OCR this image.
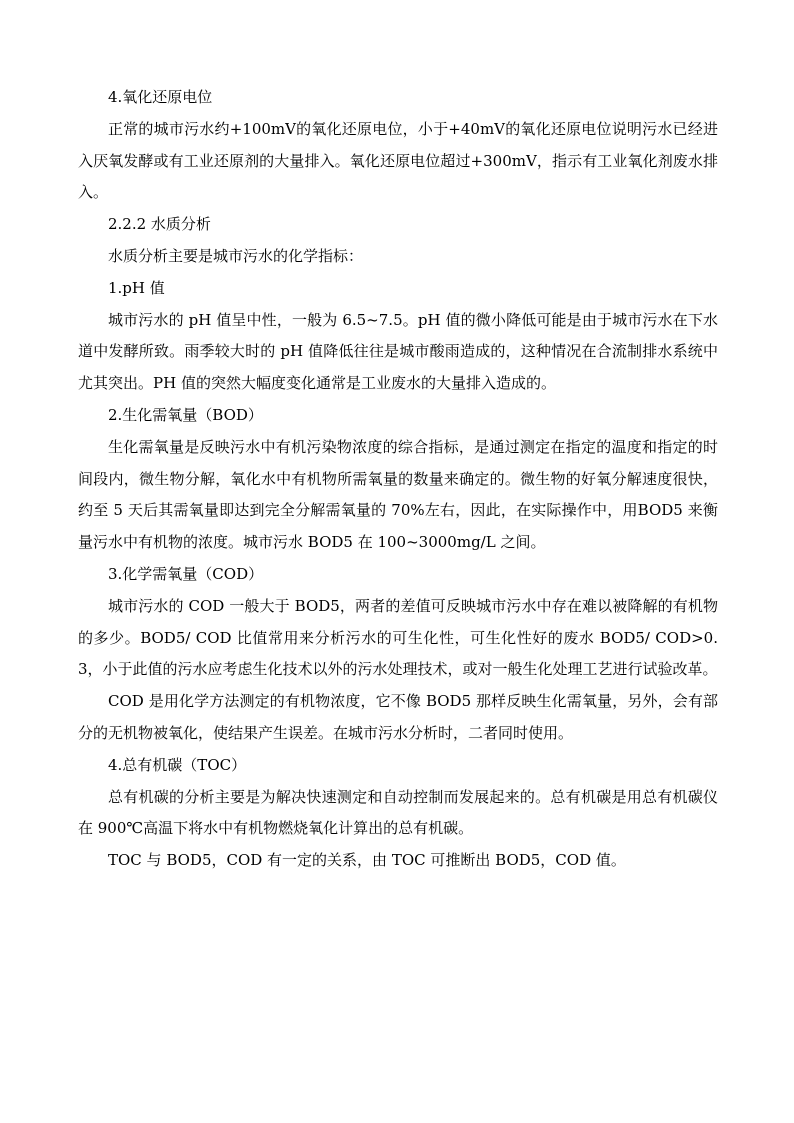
4.氧化还原电位

正常的城市污水约+100mV的氧化还原电位，小于+40mV的氧化还原电位说明污水已经进入厌氧发酵或有工业还原剂的大量排入。氧化还原电位超过+300mV，指示有工业氧化剂废水排入。

2.2.2 水质分析

水质分析主要是城市污水的化学指标：

1.pH 值

城市污水的 pH 值呈中性，一般为 6.5~7.5。pH 值的微小降低可能是由于城市污水在下水道中发酵所致。雨季较大时的 pH 值降低往往是城市酸雨造成的，这种情况在合流制排水系统中尤其突出。PH 值的突然大幅度变化通常是工业废水的大量排入造成的。

2.生化需氧量（BOD）

生化需氧量是反映污水中有机污染物浓度的综合指标，是通过测定在指定的温度和指定的时间段内，微生物分解，氧化水中有机物所需氧量的数量来确定的。微生物的好氧分解速度很快，约至 5 天后其需氧量即达到完全分解需氧量的 70%左右，因此，在实际操作中，用BOD5 来衡量污水中有机物的浓度。城市污水 BOD5 在 100~3000mg/L 之间。

3.化学需氧量（COD）

城市污水的 COD 一般大于 BOD5，两者的差值可反映城市污水中存在难以被降解的有机物的多少。BOD5/ COD 比值常用来分析污水的可生化性，可生化性好的废水 BOD5/ COD>0.3，小于此值的污水应考虑生化技术以外的污水处理技术，或对一般生化处理工艺进行试验改革。

COD 是用化学方法测定的有机物浓度，它不像 BOD5 那样反映生化需氧量，另外，会有部分的无机物被氧化，使结果产生误差。在城市污水分析时，二者同时使用。

4.总有机碳（TOC）

总有机碳的分析主要是为解决快速测定和自动控制而发展起来的。总有机碳是用总有机碳仪在 900℃高温下将水中有机物燃烧氧化计算出的总有机碳。

TOC 与 BOD5，COD 有一定的关系，由 TOC 可推断出 BOD5，COD 值。
